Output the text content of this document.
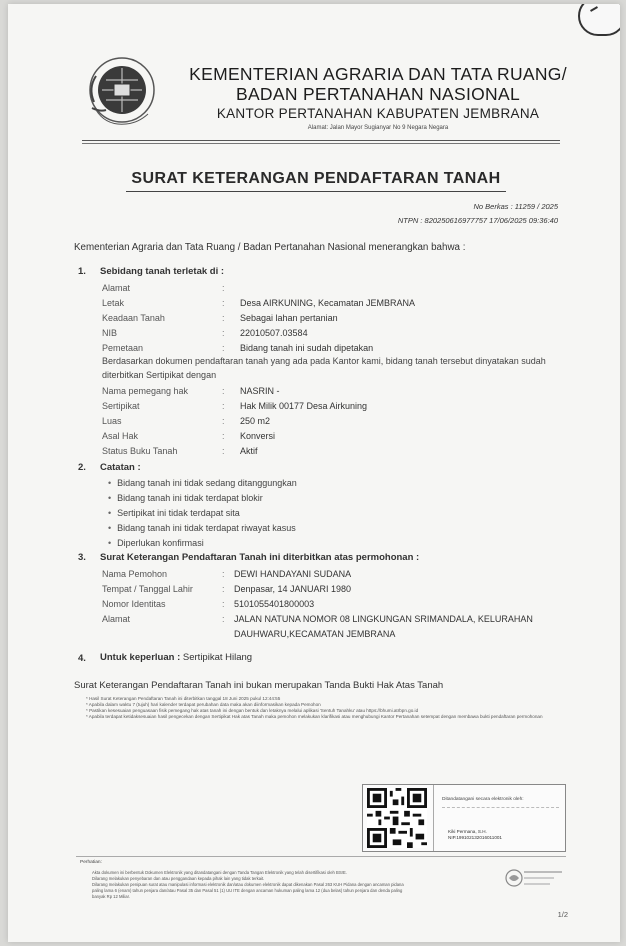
KEMENTERIAN AGRARIA DAN TATA RUANG/
BADAN PERTANAHAN NASIONAL
KANTOR PERTANAHAN KABUPATEN JEMBRANA
Alamat: Jalan Mayor Sugianyar No 9 Negara Negara
SURAT KETERANGAN PENDAFTARAN TANAH
No Berkas : 11259 / 2025
NTPN : 820250616977757 17/06/2025 09:36:40
Kementerian Agraria dan Tata Ruang / Badan Pertanahan Nasional menerangkan bahwa :
1. Sebidang tanah terletak di :
Alamat	:
Letak	: Desa AIRKUNING, Kecamatan JEMBRANA
Keadaan Tanah	: Sebagai lahan pertanian
NIB	: 22010507.03584
Pemetaan	: Bidang tanah ini sudah dipetakan
Berdasarkan dokumen pendaftaran tanah yang ada pada Kantor kami, bidang tanah tersebut dinyatakan sudah diterbitkan Sertipikat dengan
Nama pemegang hak	: NASRIN -
Sertipikat	: Hak Milik 00177 Desa Airkuning
Luas	: 250 m2
Asal Hak	: Konversi
Status Buku Tanah	: Aktif
2. Catatan :
• Bidang tanah ini tidak sedang ditanggungkan
• Bidang tanah ini tidak terdapat blokir
• Sertipikat ini tidak terdapat sita
• Bidang tanah ini tidak terdapat riwayat kasus
• Diperlukan konfirmasi
3. Surat Keterangan Pendaftaran Tanah ini diterbitkan atas permohonan :
Nama Pemohon	: DEWI HANDAYANI SUDANA
Tempat / Tanggal Lahir	: Denpasar, 14 JANUARI 1980
Nomor Identitas	: 5101055401800003
Alamat	: JALAN NATUNA NOMOR 08 LINGKUNGAN SRIMANDALA, KELURAHAN
DAUHWARU,KECAMATAN JEMBRANA
4. Untuk keperluan : Sertipikat Hilang
Surat Keterangan Pendaftaran Tanah ini bukan merupakan Tanda Bukti Hak Atas Tanah
* Hasil Surat Keterangan Pendaftaran Tanah ini diterbitkan tanggal 18 Juni 2025 pukul 12:44:55
* Apabila dalam waktu 7 (tujuh) hari kalender terdapat perubahan data maka akan diinformasikan kepada Pemohon
* Pastikan kesesuaian penguasaan fisik pemegang hak atas tanah ini dengan bentuk dan letaknya melalui aplikasi 'Sentuh Tanahku' atau https://bhumi.atrbpn.go.id
* Apabila terdapat ketidaksesuaian hasil pengecekan dengan Sertipikat Hak atas Tanah maka pemohon melakukan klarifikasi atau menghubungi Kantor Pertanahan setempat dengan membawa bukti pendaftaran permohonan
Ditandatangani secara elektronik oleh:
Kiki Permana, S.H.
NIP.199102132016011001
Perhatian:
Akta dokumen ini berbentuk Dokumen Elektronik yang ditandatangani dengan Tanda Tangan Elektronik yang telah disertifikasi oleh BSrE.
Dilarang melakukan penyebaran dan atau penggandaan kepada pihak lain yang tidak terkait.
Dilarang melakukan penipuan surat atau manipulasi informasi elektronik dan/atau dokumen elektronik dapat dikenakan Pasal 263 KUH Pidana dengan ancaman pidana
paling lama 6 (enam) tahun penjara dan/atau Pasal 35 dan Pasal 51 (1) UU ITE dengan ancaman hukuman paling lama 12 (dua belas) tahun penjara dan denda paling
banyak Rp 12 Miliar.
1/2
